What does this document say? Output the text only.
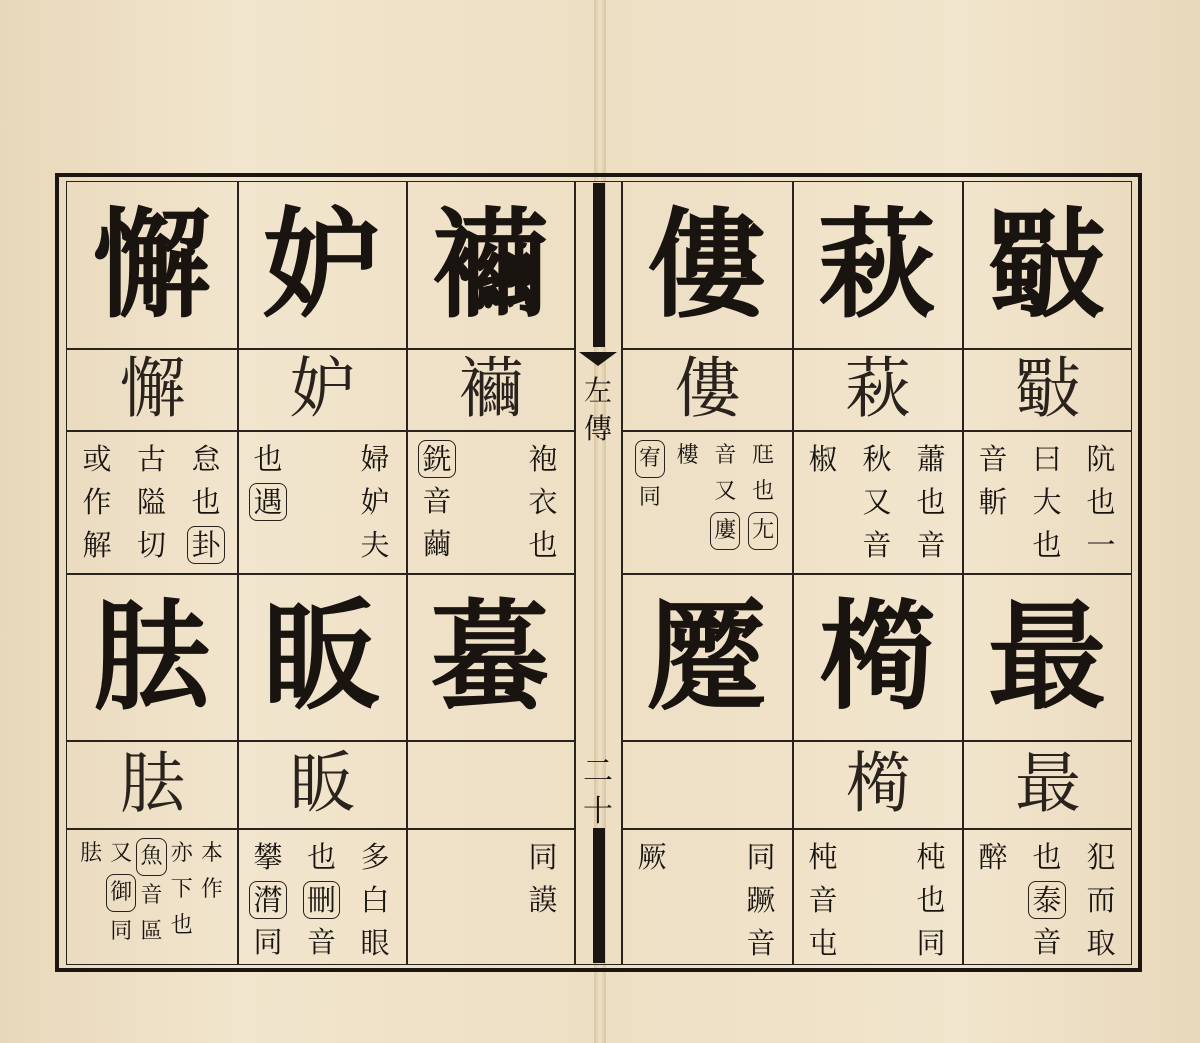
左
傳
二
十
斀
斀
阬
也
一
曰
大
也
音
斬
萩
萩
蕭
也
音
秋
又
音
椒
僂
僂
尫
也
尢
音
又
廔
樓
宥
同
襺
襺
袍
衣
也
銑
音
繭
妒
妒
婦
妒
夫
也
遇
懈
懈
怠
也
卦
古
隘
切
或
作
解
最
最
犯
而
取
也
泰
音
醉
橁
橁
杶
也
同
杶
音
屯
蹷
同
蹶
音
厥
蟇
同
謨
眅
眅
多
白
眼
也
刪
音
攀
潸
同
胠
胠
本
作
亦
下
也
魚
音
區
又
御
同
胠
